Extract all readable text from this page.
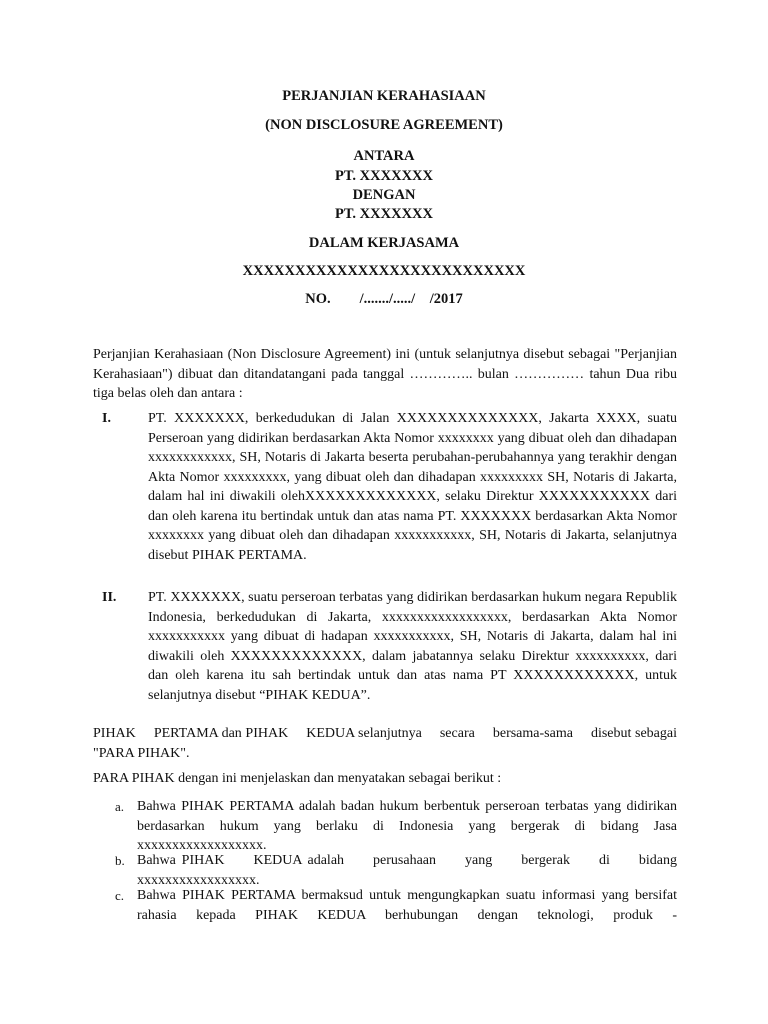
PERJANJIAN KERAHASIAAN
(NON DISCLOSURE AGREEMENT)
ANTARA
PT. XXXXXXX
DENGAN
PT. XXXXXXX
DALAM KERJASAMA
XXXXXXXXXXXXXXXXXXXXXXXXXXX
NO.        /......./...../    /2017
Perjanjian Kerahasiaan (Non Disclosure Agreement) ini (untuk selanjutnya disebut sebagai "Perjanjian Kerahasiaan") dibuat dan ditandatangani pada tanggal ………….. bulan …………… tahun Dua ribu tiga belas oleh dan antara :
I.	PT. XXXXXXX, berkedudukan di Jalan XXXXXXXXXXXXXX, Jakarta XXXX, suatu Perseroan yang didirikan berdasarkan Akta Nomor xxxxxxxx yang dibuat oleh dan dihadapan xxxxxxxxxxxx, SH, Notaris di Jakarta beserta perubahan-perubahannya yang terakhir dengan Akta Nomor xxxxxxxxx, yang dibuat oleh dan dihadapan xxxxxxxxx SH, Notaris di Jakarta, dalam hal ini diwakili olehXXXXXXXXXXXXX, selaku Direktur XXXXXXXXXXX dari dan oleh karena itu bertindak untuk dan atas nama PT. XXXXXXX berdasarkan Akta Nomor xxxxxxxx yang dibuat oleh dan dihadapan xxxxxxxxxxx, SH, Notaris di Jakarta, selanjutnya disebut PIHAK PERTAMA.
II. PT. XXXXXXX, suatu perseroan terbatas yang didirikan berdasarkan hukum negara Republik Indonesia, berkedudukan di Jakarta, xxxxxxxxxxxxxxxxxx, berdasarkan Akta Nomor xxxxxxxxxxx yang dibuat di hadapan xxxxxxxxxxx, SH, Notaris di Jakarta, dalam hal ini diwakili oleh XXXXXXXXXXXXX, dalam jabatannya selaku Direktur xxxxxxxxxx, dari dan oleh karena itu sah bertindak untuk dan atas nama PT XXXXXXXXXXXX, untuk selanjutnya disebut “PIHAK KEDUA”.
PIHAK     PERTAMA dan PIHAK     KEDUA selanjutnya     secara     bersama-sama     disebut sebagai "PARA PIHAK".
PARA PIHAK dengan ini menjelaskan dan menyatakan sebagai berikut :
a. Bahwa PIHAK PERTAMA adalah badan hukum berbentuk perseroan terbatas yang didirikan berdasarkan hukum yang berlaku di Indonesia yang bergerak di bidang Jasa xxxxxxxxxxxxxxxxxx.
b. Bahwa PIHAK     KEDUA adalah     perusahaan     yang     bergerak     di     bidang xxxxxxxxxxxxxxxxx.
c. Bahwa PIHAK PERTAMA bermaksud untuk mengungkapkan suatu informasi yang bersifat rahasia kepada PIHAK KEDUA berhubungan dengan teknologi, produk -
